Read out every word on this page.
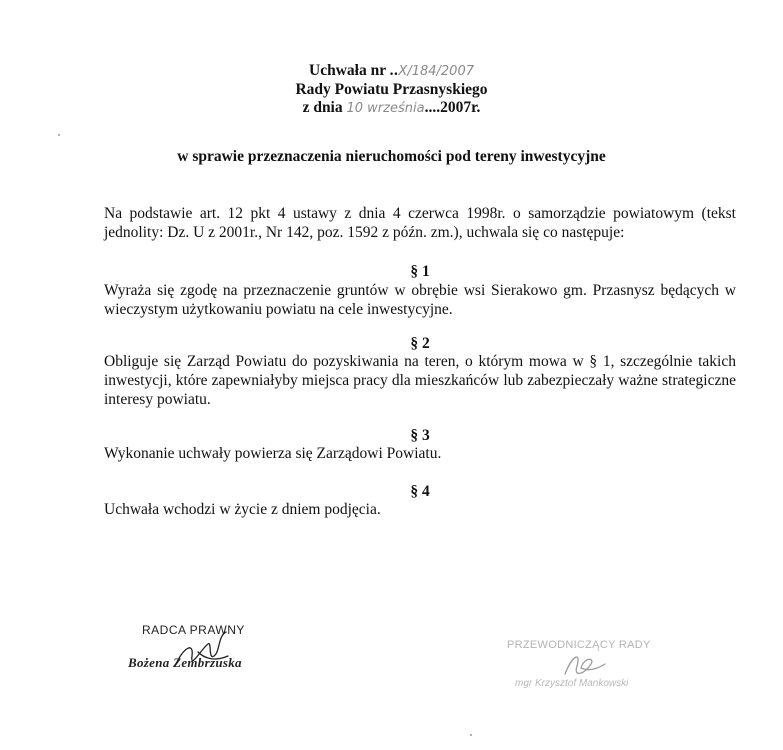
Uchwała nr ..X/184/2007
Rady Powiatu Przasnyskiego
z dnia 10 września....2007r.
w sprawie przeznaczenia nieruchomości pod tereny inwestycyjne
Na podstawie art. 12 pkt 4 ustawy z dnia 4 czerwca 1998r. o samorządzie powiatowym (tekst jednolity: Dz. U z 2001r., Nr 142, poz. 1592 z późn. zm.), uchwala się co następuje:
§ 1
Wyraża się zgodę na przeznaczenie gruntów w obrębie wsi Sierakowo gm. Przasnysz będących w wieczystym użytkowaniu powiatu na cele inwestycyjne.
§ 2
Obliguje się Zarząd Powiatu do pozyskiwania na teren, o którym mowa w § 1, szczególnie takich inwestycji, które zapewniałyby miejsca pracy dla mieszkańców lub zabezpieczały ważne strategiczne interesy powiatu.
§ 3
Wykonanie uchwały powierza się Zarządowi Powiatu.
§ 4
Uchwała wchodzi w życie z dniem podjęcia.
RADCA PRAWNY
Bożena Zembrzuska
PRZEWODNICZĄCY RADY
mgr Krzysztof Mankowski
